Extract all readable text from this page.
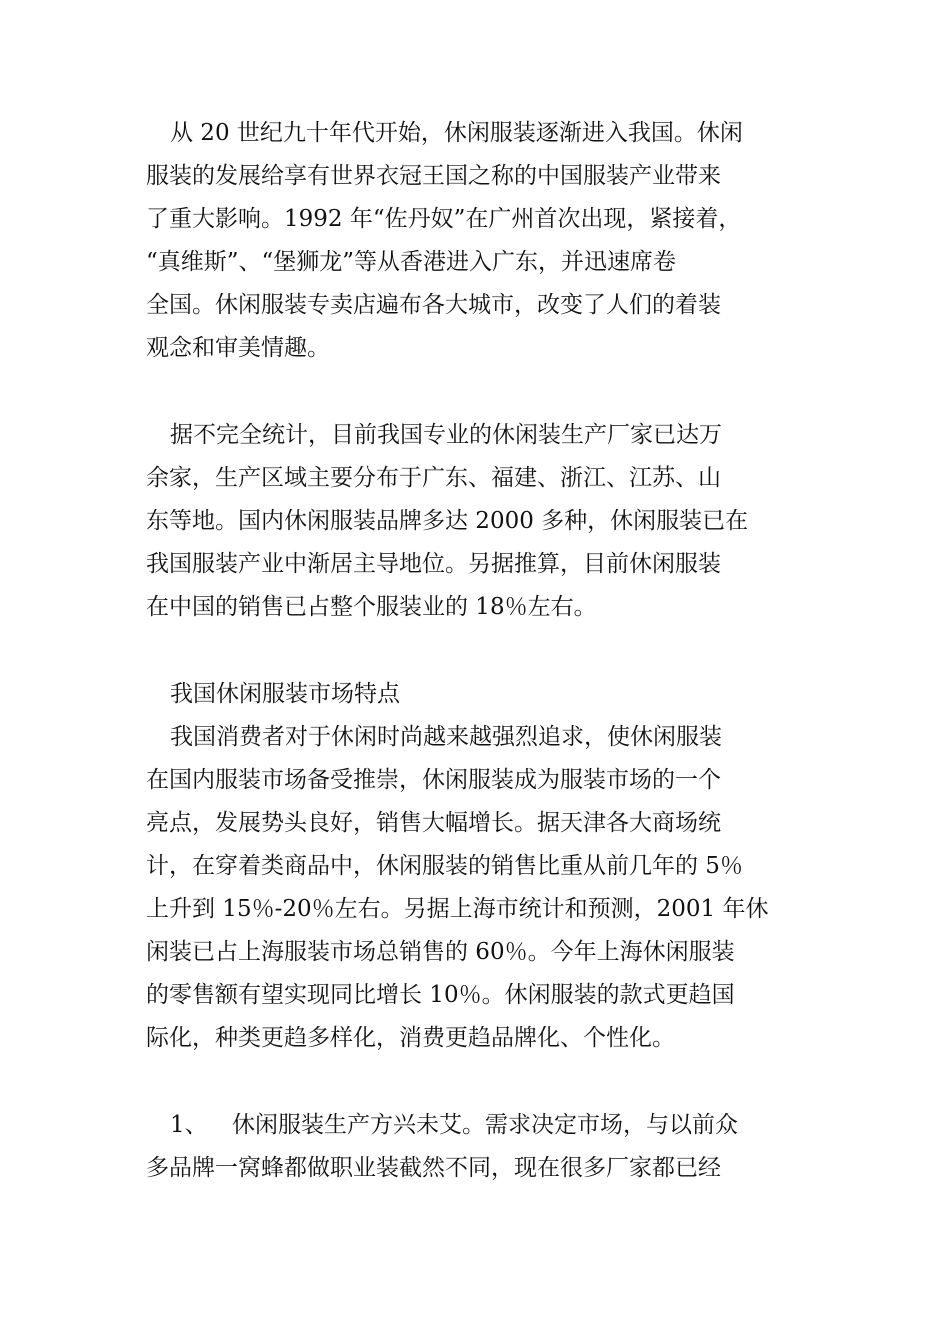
从 20 世纪九十年代开始，休闲服装逐渐进入我国。休闲
服装的发展给享有世界衣冠王国之称的中国服装产业带来
了重大影响。1992 年“佐丹奴”在广州首次出现，紧接着，
“真维斯”、“堡狮龙”等从香港进入广东，并迅速席卷
全国。休闲服装专卖店遍布各大城市，改变了人们的着装
观念和审美情趣。
据不完全统计，目前我国专业的休闲装生产厂家已达万
余家，生产区域主要分布于广东、福建、浙江、江苏、山
东等地。国内休闲服装品牌多达 2000 多种，休闲服装已在
我国服装产业中渐居主导地位。另据推算，目前休闲服装
在中国的销售已占整个服装业的 18％左右。
我国休闲服装市场特点
我国消费者对于休闲时尚越来越强烈追求，使休闲服装
在国内服装市场备受推崇，休闲服装成为服装市场的一个
亮点，发展势头良好，销售大幅增长。据天津各大商场统
计，在穿着类商品中，休闲服装的销售比重从前几年的 5％
上升到 15％-20％左右。另据上海市统计和预测，2001 年休
闲装已占上海服装市场总销售的 60％。今年上海休闲服装
的零售额有望实现同比增长 10％。休闲服装的款式更趋国
际化，种类更趋多样化，消费更趋品牌化、个性化。
1、 休闲服装生产方兴未艾。需求决定市场，与以前众
多品牌一窝蜂都做职业装截然不同，现在很多厂家都已经
